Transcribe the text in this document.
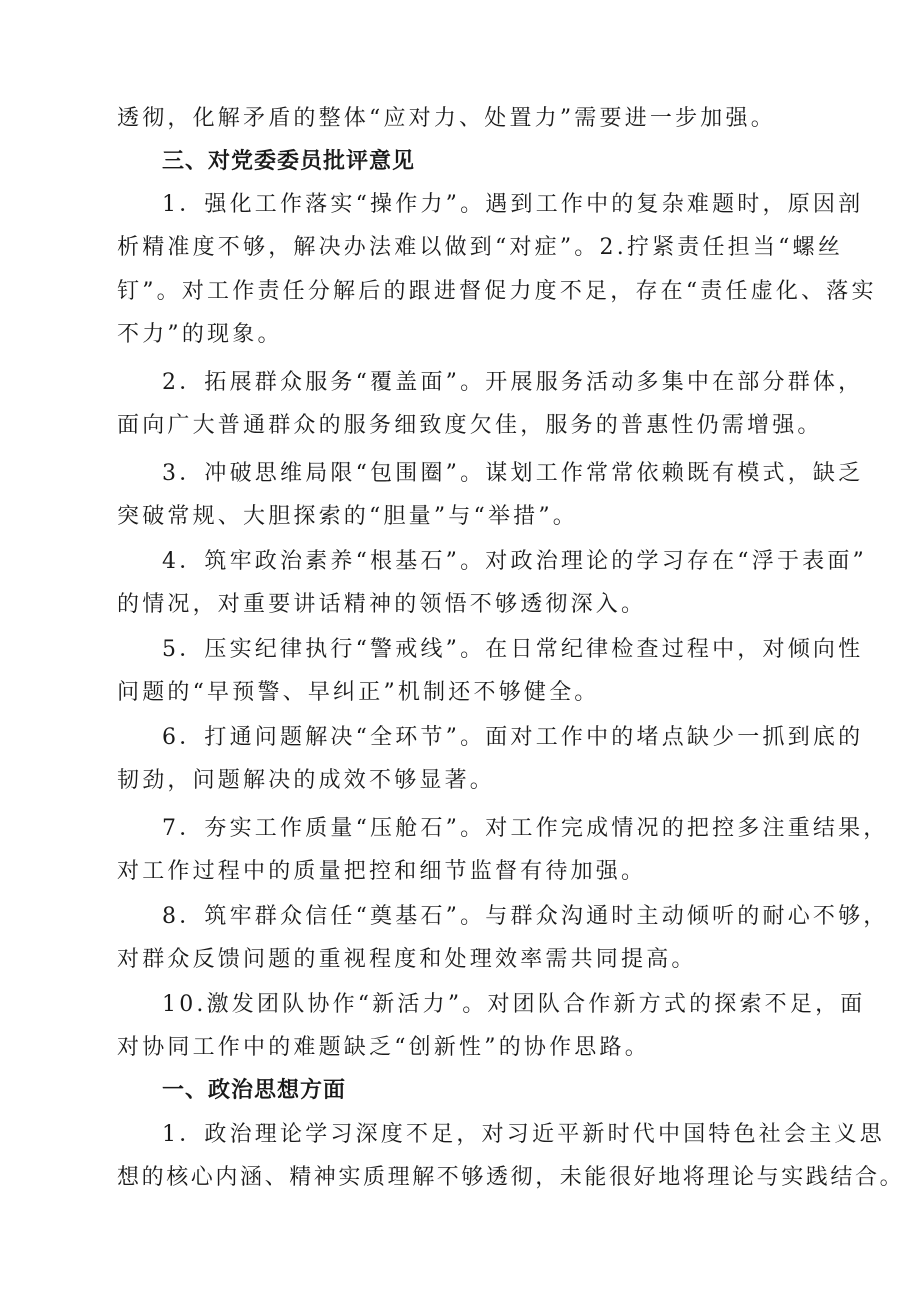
透彻，化解矛盾的整体“应对力、处置力”需要进一步加强。
三、对党委委员批评意见
1．强化工作落实“操作力”。遇到工作中的复杂难题时，原因剖
析精准度不够，解决办法难以做到“对症”。2.拧紧责任担当“螺丝
钉”。对工作责任分解后的跟进督促力度不足，存在“责任虚化、落实
不力”的现象。
2．拓展群众服务“覆盖面”。开展服务活动多集中在部分群体，
面向广大普通群众的服务细致度欠佳，服务的普惠性仍需增强。
3．冲破思维局限“包围圈”。谋划工作常常依赖既有模式，缺乏
突破常规、大胆探索的“胆量”与“举措”。
4．筑牢政治素养“根基石”。对政治理论的学习存在“浮于表面”
的情况，对重要讲话精神的领悟不够透彻深入。
5．压实纪律执行“警戒线”。在日常纪律检查过程中，对倾向性
问题的“早预警、早纠正”机制还不够健全。
6．打通问题解决“全环节”。面对工作中的堵点缺少一抓到底的
韧劲，问题解决的成效不够显著。
7．夯实工作质量“压舱石”。对工作完成情况的把控多注重结果，
对工作过程中的质量把控和细节监督有待加强。
8．筑牢群众信任“奠基石”。与群众沟通时主动倾听的耐心不够，
对群众反馈问题的重视程度和处理效率需共同提高。
10.激发团队协作“新活力”。对团队合作新方式的探索不足，面
对协同工作中的难题缺乏“创新性”的协作思路。
一、政治思想方面
1．政治理论学习深度不足，对习近平新时代中国特色社会主义思
想的核心内涵、精神实质理解不够透彻，未能很好地将理论与实践结合。
